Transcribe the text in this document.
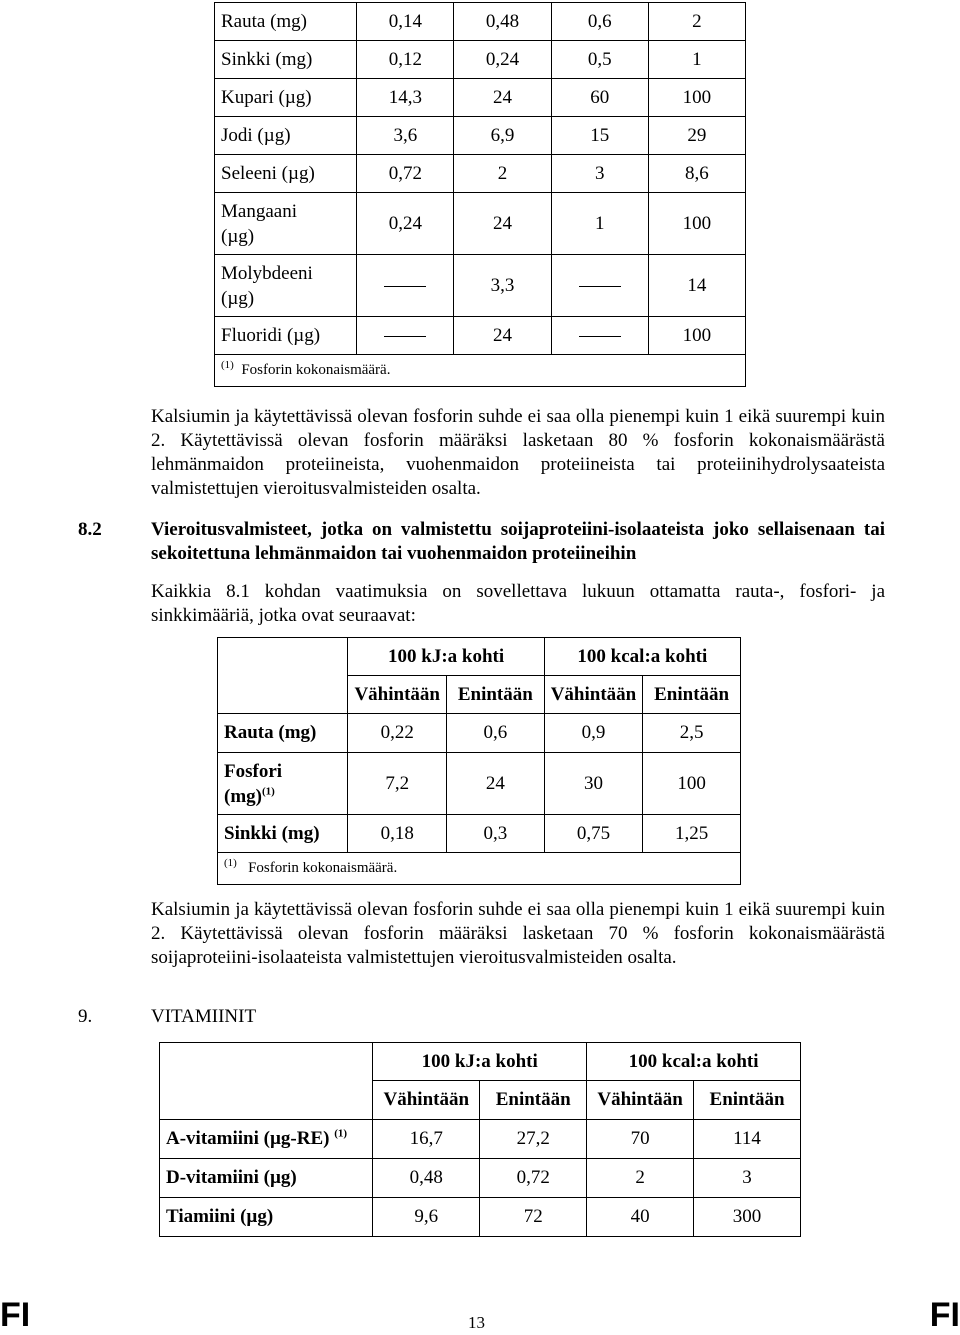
Rauta (mg)	0,14	0,48	0,6	2
Sinkki (mg)	0,12	0,24	0,5	1
Kupari (µg)	14,3	24	60	100
Jodi (µg)	3,6	6,9	15	29
Seleeni (µg)	0,72	2	3	8,6
Mangaani
(µg)	0,24	24	1	100
Molybdeeni
(µg)		3,3		14
Fluoridi (µg)		24		100
$^{(1)}$ Fosforin kokonaismäärä.				
Kalsiumin ja käytettävissä olevan fosforin suhde ei saa olla pienempi kuin 1 eikä suurempi kuin 2. Käytettävissä olevan fosforin määräksi lasketaan 80 % fosforin kokonaismäärästä lehmänmaidon proteiineista, vuohenmaidon proteiineista tai proteiinihydrolysaateista valmistettujen vieroitusvalmisteiden osalta.
8.2	Vieroitusvalmisteet, jotka on valmistettu soijaproteiini-isolaateista joko sellaisenaan tai sekoitettuna lehmänmaidon tai vuohenmaidon proteiineihin
Kaikkia 8.1 kohdan vaatimuksia on sovellettava lukuun ottamatta rauta-, fosfori- ja sinkkimääriä, jotka ovat seuraavat:
	100 kJ:a kohti		100 kcal:a kohti	
	Vähintään	Enintään	Vähintään	Enintään
Rauta (mg)	0,22	0,6	0,9	2,5
Fosfori
(mg)$^{(1)}$	7,2	24	30	100
Sinkki (mg)	0,18	0,3	0,75	1,25
$^{(1)}$ Fosforin kokonaismäärä.				
Kalsiumin ja käytettävissä olevan fosforin suhde ei saa olla pienempi kuin 1 eikä suurempi kuin 2. Käytettävissä olevan fosforin määräksi lasketaan 70 % fosforin kokonaismäärästä soijaproteiini-isolaateista valmistettujen vieroitusvalmisteiden osalta.
9.	VITAMIINIT
	100 kJ:a kohti		100 kcal:a kohti	
	Vähintään	Enintään	Vähintään	Enintään
A-vitamiini (µg-RE) $^{(1)}$	16,7	27,2	70	114
D-vitamiini (µg)	0,48	0,72	2	3
Tiamiini (µg)	9,6	72	40	300
FI	13	FI
